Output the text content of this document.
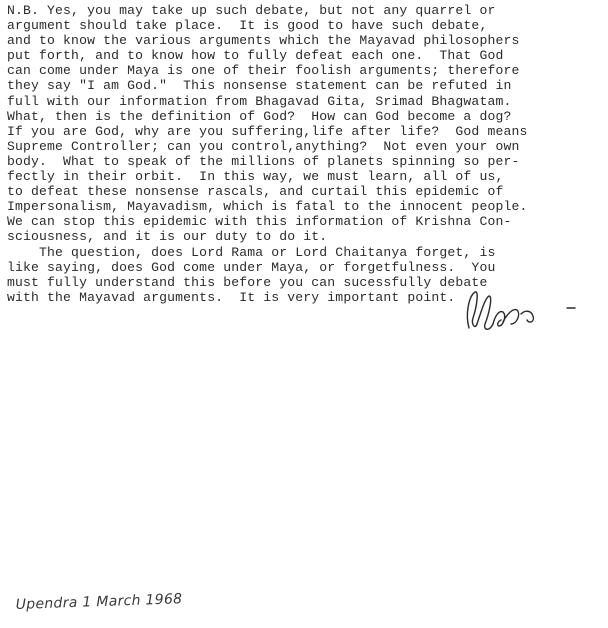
N.B. Yes, you may take up such debate, but not any quarrel or
argument should take place.  It is good to have such debate,
and to know the various arguments which the Mayavad philosophers
put forth, and to know how to fully defeat each one.  That God
can come under Maya is one of their foolish arguments; therefore
they say "I am God."  This nonsense statement can be refuted in
full with our information from Bhagavad Gita, Srimad Bhagwatam.
What, then is the definition of God?  How can God become a dog?
If you are God, why are you suffering,life after life?  God means
Supreme Controller; can you control,anything?  Not even your own
body.  What to speak of the millions of planets spinning so per-
fectly in their orbit.  In this way, we must learn, all of us,
to defeat these nonsense rascals, and curtail this epidemic of
Impersonalism, Mayavadism, which is fatal to the innocent people.
We can stop this epidemic with this information of Krishna Con-
sciousness, and it is our duty to do it.
The question, does Lord Rama or Lord Chaitanya forget, is
like saying, does God come under Maya, or forgetfulness.  You
must fully understand this before you can sucessfully debate
with the Mayavad arguments.  It is very important point.
Upendra 1 March 1968
